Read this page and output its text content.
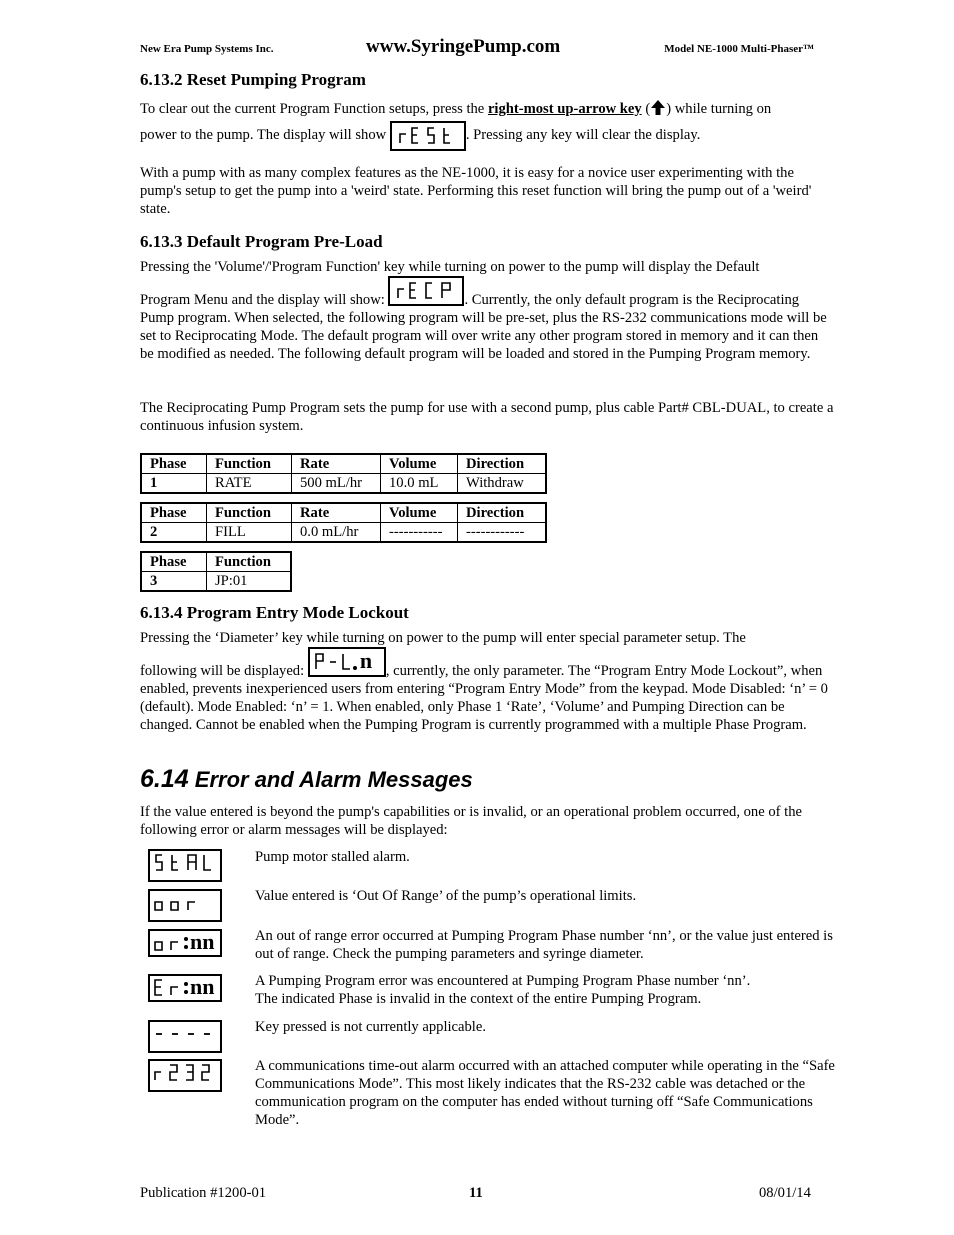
New Era Pump Systems Inc.	www.SyringePump.com	Model NE-1000 Multi-Phaser™
6.13.2 Reset Pumping Program
To clear out the current Program Function setups, press the right-most up-arrow key ( ) while turning on
power to the pump. The display will show	. Pressing any key will clear the display.
With a pump with as many complex features as the NE-1000, it is easy for a novice user experimenting with the pump's setup to get the pump into a 'weird' state. Performing this reset function will bring the pump out of a 'weird' state.
6.13.3 Default Program Pre-Load
Pressing the 'Volume'/'Program Function' key while turning on power to the pump will display the Default
Program Menu and the display will show:	. Currently, the only default program is the Reciprocating Pump program. When selected, the following program will be pre-set, plus the RS-232 communications mode will be set to Reciprocating Mode. The default program will over write any other program stored in memory and it can then be modified as needed. The following default program will be loaded and stored in the Pumping Program memory.
The Reciprocating Pump Program sets the pump for use with a second pump, plus cable Part# CBL-DUAL, to create a continuous infusion system.
Phase	Function	Rate	Volume	Direction
1	RATE	500 mL/hr	10.0 mL	Withdraw
Phase	Function	Rate	Volume	Direction
2	FILL	0.0 mL/hr	-----------	------------
Phase	Function
3	JP:01
6.13.4 Program Entry Mode Lockout
Pressing the ‘Diameter’ key while turning on power to the pump will enter special parameter setup. The
following will be displayed: n , currently, the only parameter. The “Program Entry Mode Lockout”, when enabled, prevents inexperienced users from entering “Program Entry Mode” from the keypad. Mode Disabled: ‘n’ = 0 (default). Mode Enabled: ‘n’ = 1. When enabled, only Phase 1 ‘Rate’, ‘Volume’ and Pumping Direction can be changed. Cannot be enabled when the Pumping Program is currently programmed with a multiple Phase Program.
6.14 Error and Alarm Messages
If the value entered is beyond the pump's capabilities or is invalid, or an operational problem occurred, one of the following error or alarm messages will be displayed:
Pump motor stalled alarm.
Value entered is ‘Out Of Range’ of the pump’s operational limits.
nn	An out of range error occurred at Pumping Program Phase number ‘nn’, or the value just entered is out of range. Check the pumping parameters and syringe diameter.
nn	A Pumping Program error was encountered at Pumping Program Phase number ‘nn’.
The indicated Phase is invalid in the context of the entire Pumping Program.
Key pressed is not currently applicable.
A communications time-out alarm occurred with an attached computer while operating in the “Safe Communications Mode”. This most likely indicates that the RS-232 cable was detached or the communication program on the computer has ended without turning off “Safe Communications Mode”.
Publication #1200-01	11	08/01/14
